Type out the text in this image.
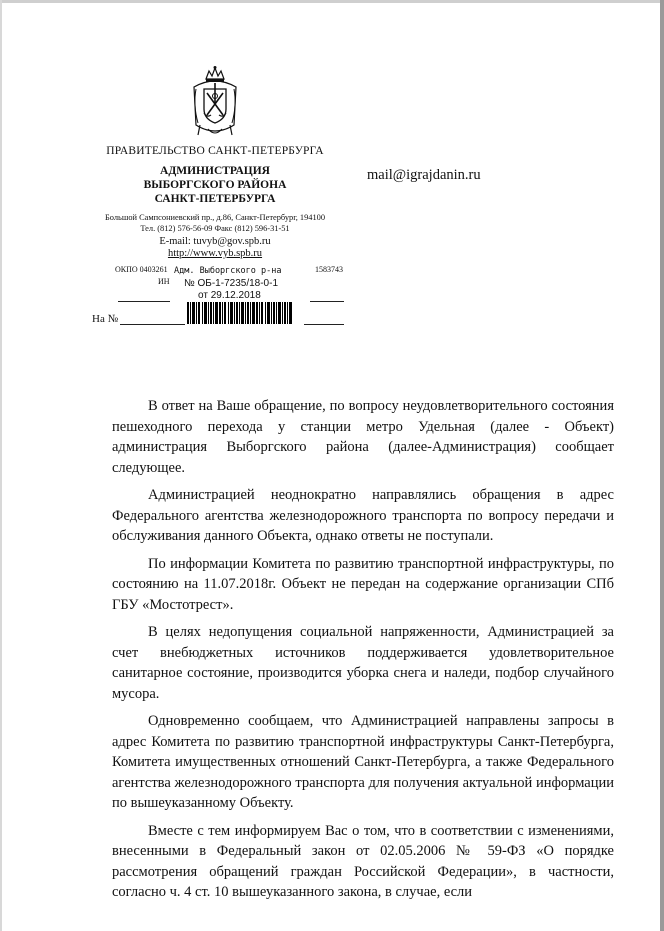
ПРАВИТЕЛЬСТВО САНКТ-ПЕТЕРБУРГА
АДМИНИСТРАЦИЯ
ВЫБОРГСКОГО РАЙОНА
САНКТ-ПЕТЕРБУРГА
Большой Сампсониевский пр., д.86, Санкт-Петербург, 194100
Тел. (812) 576-56-09 Факс (812) 596-31-51
E-mail: tuvyb@gov.spb.ru
http://www.vyb.spb.ru
ОКПО 0403261	1583743
ИН
Адм. Выборгского р-на
№ ОБ-1-7235/18-0-1
от 29.12.2018
На №
mail@igrajdanin.ru

В ответ на Ваше обращение, по вопросу неудовлетворительного состояния пешеходного перехода у станции метро Удельная (далее - Объект) администрация Выборгского района (далее-Администрация) сообщает следующее.

Администрацией неоднократно направлялись обращения в адрес Федерального агентства железнодорожного транспорта по вопросу передачи и обслуживания данного Объекта, однако ответы не поступали.

По информации Комитета по развитию транспортной инфраструктуры, по состоянию на 11.07.2018г. Объект не передан на содержание организации СПб ГБУ «Мостотрест».

В целях недопущения социальной напряженности, Администрацией за счет внебюджетных источников поддерживается удовлетворительное санитарное состояние, производится уборка снега и наледи, подбор случайного мусора.

Одновременно сообщаем, что Администрацией направлены запросы в адрес Комитета по развитию транспортной инфраструктуры Санкт-Петербурга, Комитета имущественных отношений Санкт-Петербурга, а также Федерального агентства железнодорожного транспорта для получения актуальной информации по вышеуказанному Объекту.

Вместе с тем информируем Вас о том, что в соответствии с изменениями, внесенными в Федеральный закон от 02.05.2006 № 59-ФЗ «О порядке рассмотрения обращений граждан Российской Федерации», в частности, согласно ч. 4 ст. 10 вышеуказанного закона, в случае, если
